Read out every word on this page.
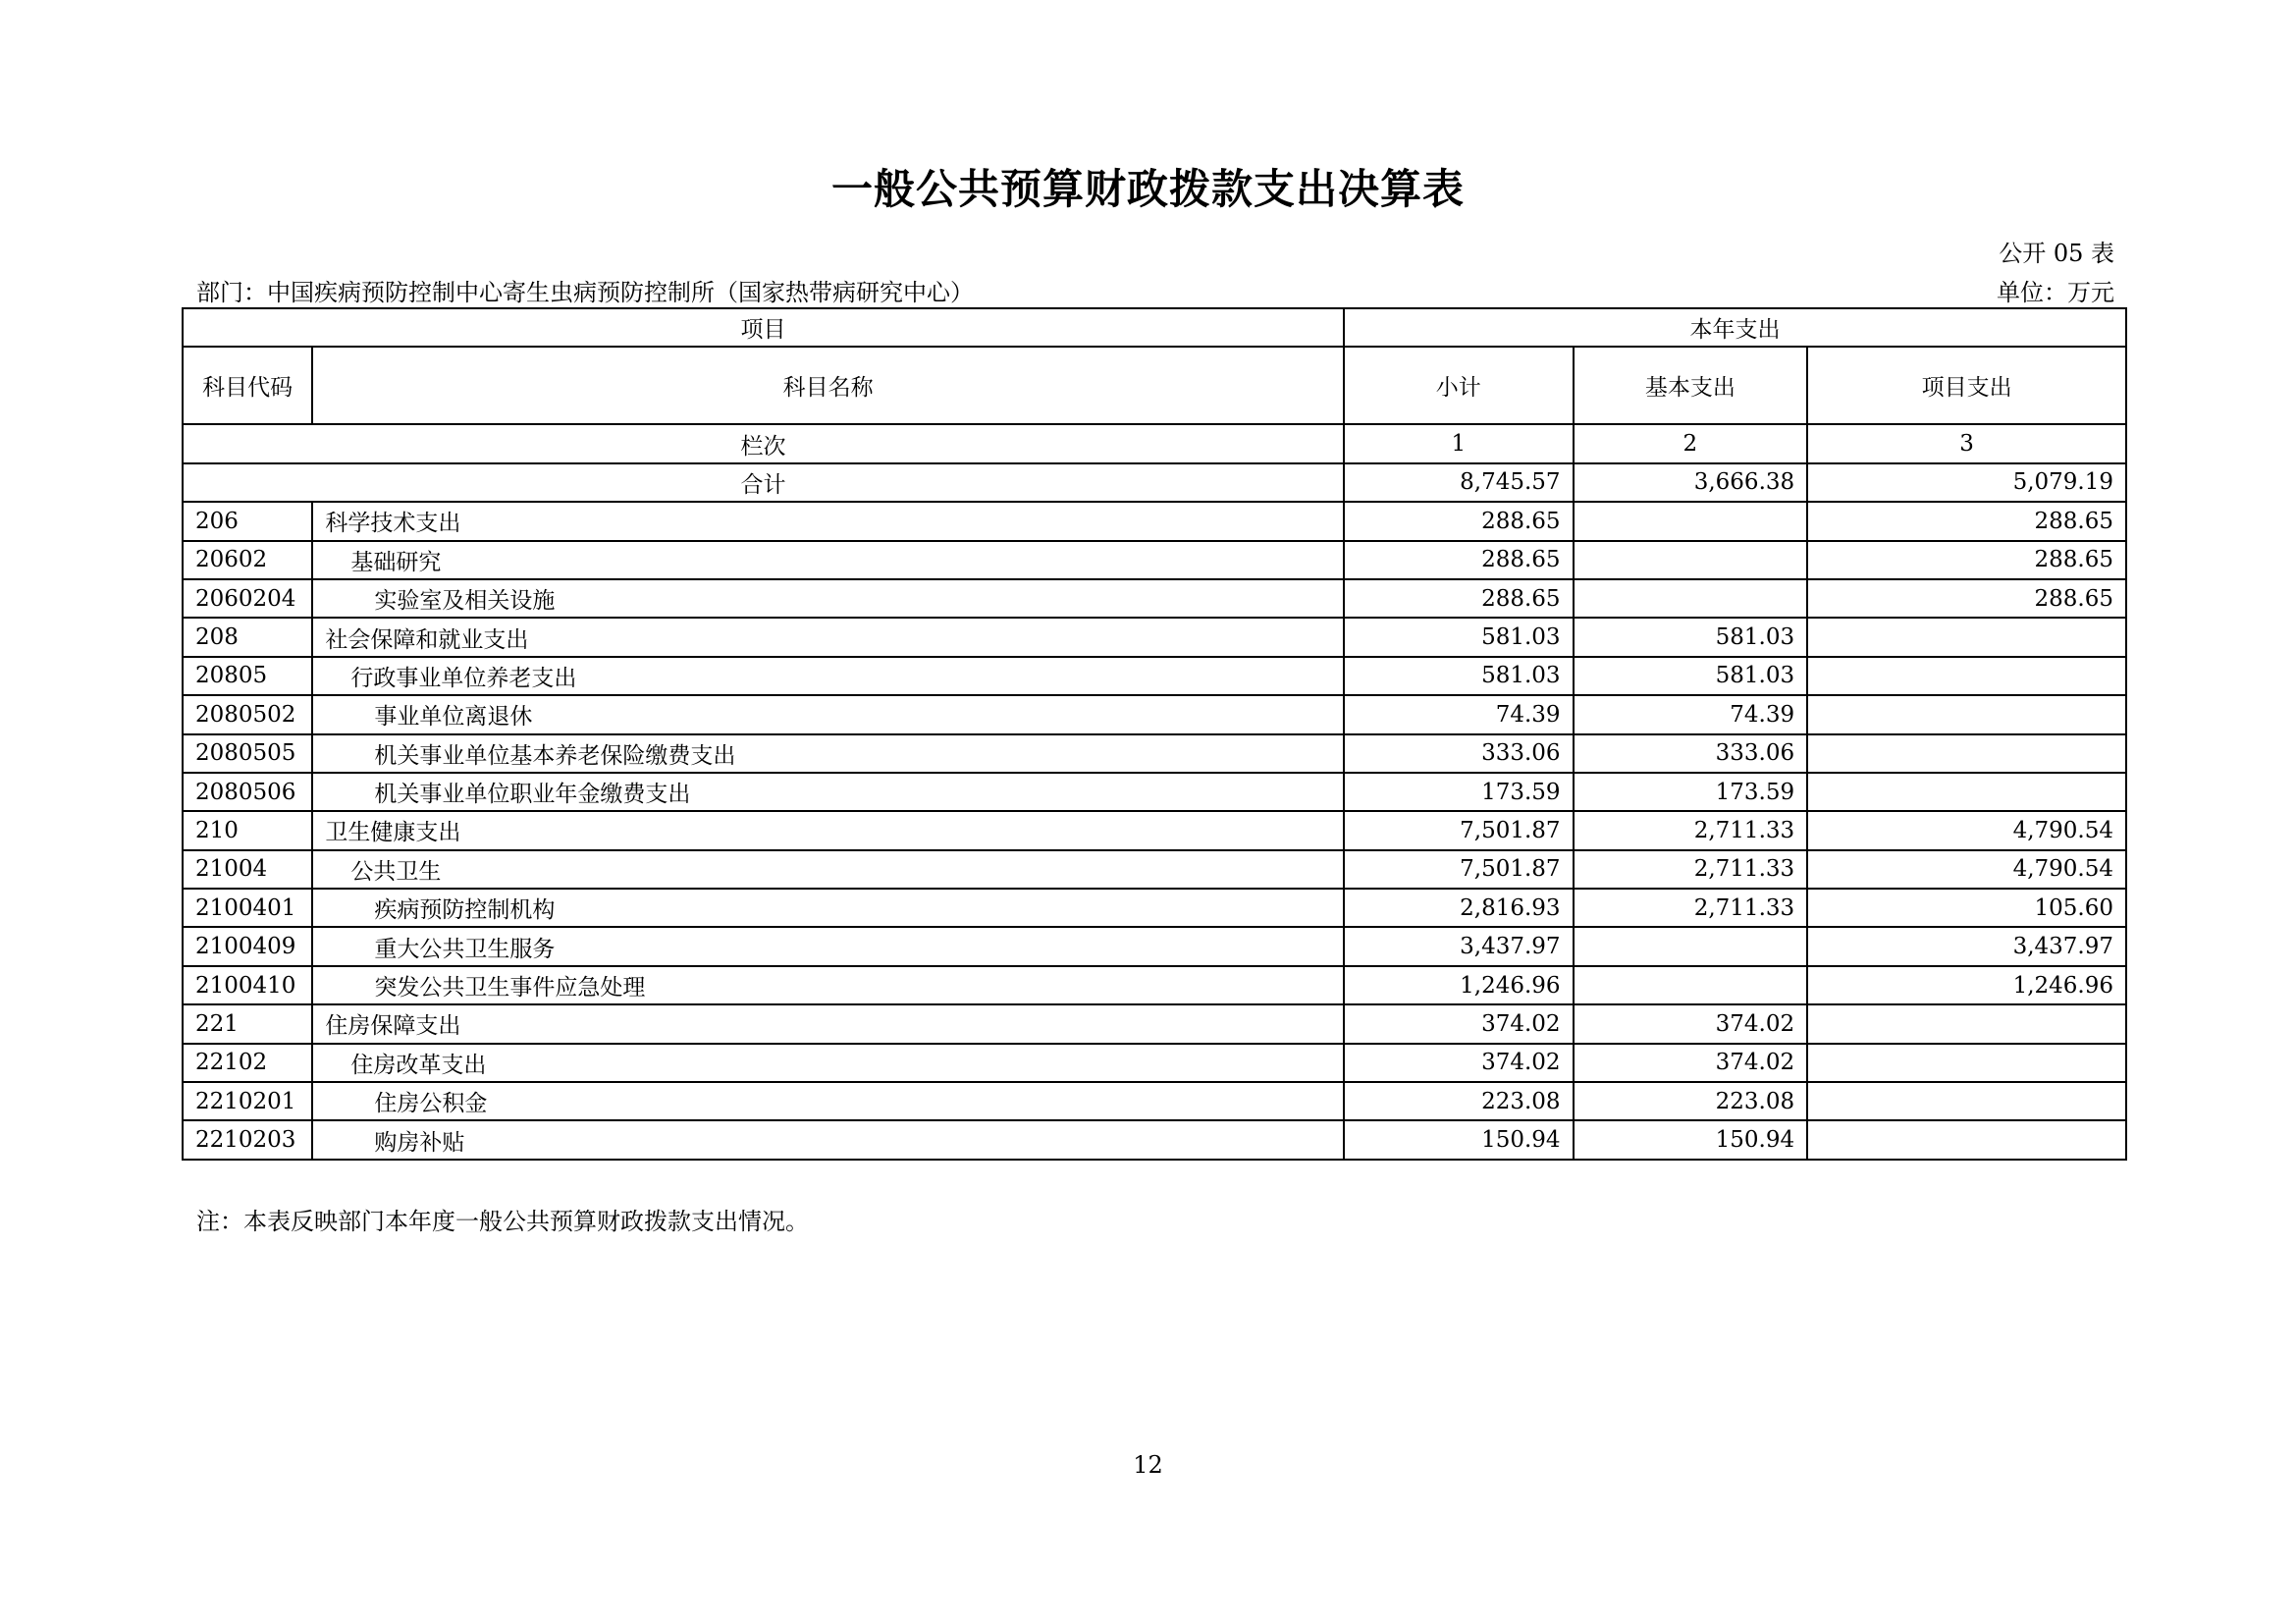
一般公共预算财政拨款支出决算表
公开 05 表
部门：中国疾病预防控制中心寄生虫病预防控制所（国家热带病研究中心）	单位：万元
项目		本年支出		
科目代码	科目名称	小计	基本支出	项目支出
栏次		1	2	3
合计		8,745.57	3,666.38	5,079.19
206	科学技术支出	288.65		288.65
20602	基础研究	288.65		288.65
2060204	实验室及相关设施	288.65		288.65
208	社会保障和就业支出	581.03	581.03	
20805	行政事业单位养老支出	581.03	581.03	
2080502	事业单位离退休	74.39	74.39	
2080505	机关事业单位基本养老保险缴费支出	333.06	333.06	
2080506	机关事业单位职业年金缴费支出	173.59	173.59	
210	卫生健康支出	7,501.87	2,711.33	4,790.54
21004	公共卫生	7,501.87	2,711.33	4,790.54
2100401	疾病预防控制机构	2,816.93	2,711.33	105.60
2100409	重大公共卫生服务	3,437.97		3,437.97
2100410	突发公共卫生事件应急处理	1,246.96		1,246.96
221	住房保障支出	374.02	374.02	
22102	住房改革支出	374.02	374.02	
2210201	住房公积金	223.08	223.08	
2210203	购房补贴	150.94	150.94	
注：本表反映部门本年度一般公共预算财政拨款支出情况。
12
